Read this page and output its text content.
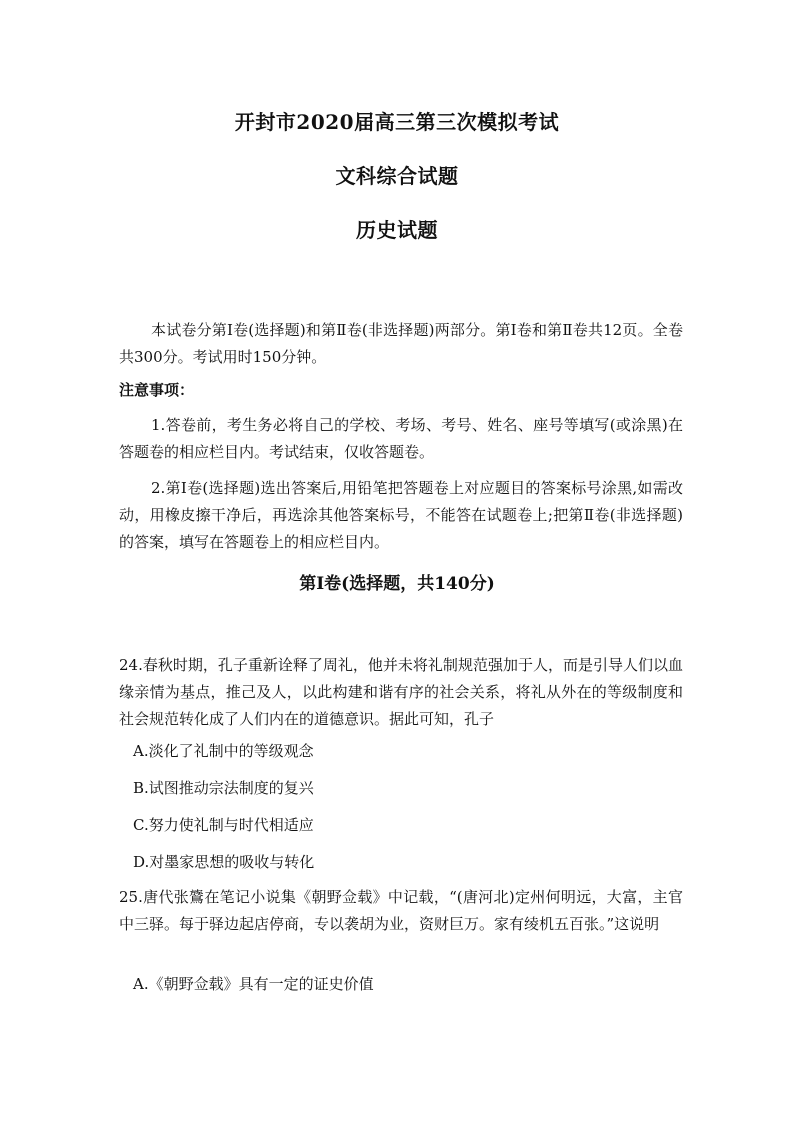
开封市2020届高三第三次模拟考试
文科综合试题
历史试题
本试卷分第Ⅰ卷(选择题)和第Ⅱ卷(非选择题)两部分。第Ⅰ卷和第Ⅱ卷共12页。全卷共300分。考试用时150分钟。
注意事项：
1.答卷前，考生务必将自己的学校、考场、考号、姓名、座号等填写(或涂黑)在答题卷的相应栏目内。考试结束，仅收答题卷。
2.第Ⅰ卷(选择题)选出答案后,用铅笔把答题卷上对应题目的答案标号涂黑,如需改动，用橡皮擦干净后，再选涂其他答案标号，不能答在试题卷上;把第Ⅱ卷(非选择题)的答案，填写在答题卷上的相应栏目内。
第Ⅰ卷(选择题，共140分)
24.春秋时期，孔子重新诠释了周礼，他并未将礼制规范强加于人，而是引导人们以血缘亲情为基点，推己及人，以此构建和谐有序的社会关系，将礼从外在的等级制度和社会规范转化成了人们内在的道德意识。据此可知，孔子
A.淡化了礼制中的等级观念
B.试图推动宗法制度的复兴
C.努力使礼制与时代相适应
D.对墨家思想的吸收与转化
25.唐代张鷟在笔记小说集《朝野佥载》中记载，“(唐河北)定州何明远，大富，主官中三驿。每于驿边起店停商，专以袭胡为业，资财巨万。家有绫机五百张。”这说明
A.《朝野佥载》具有一定的证史价值
